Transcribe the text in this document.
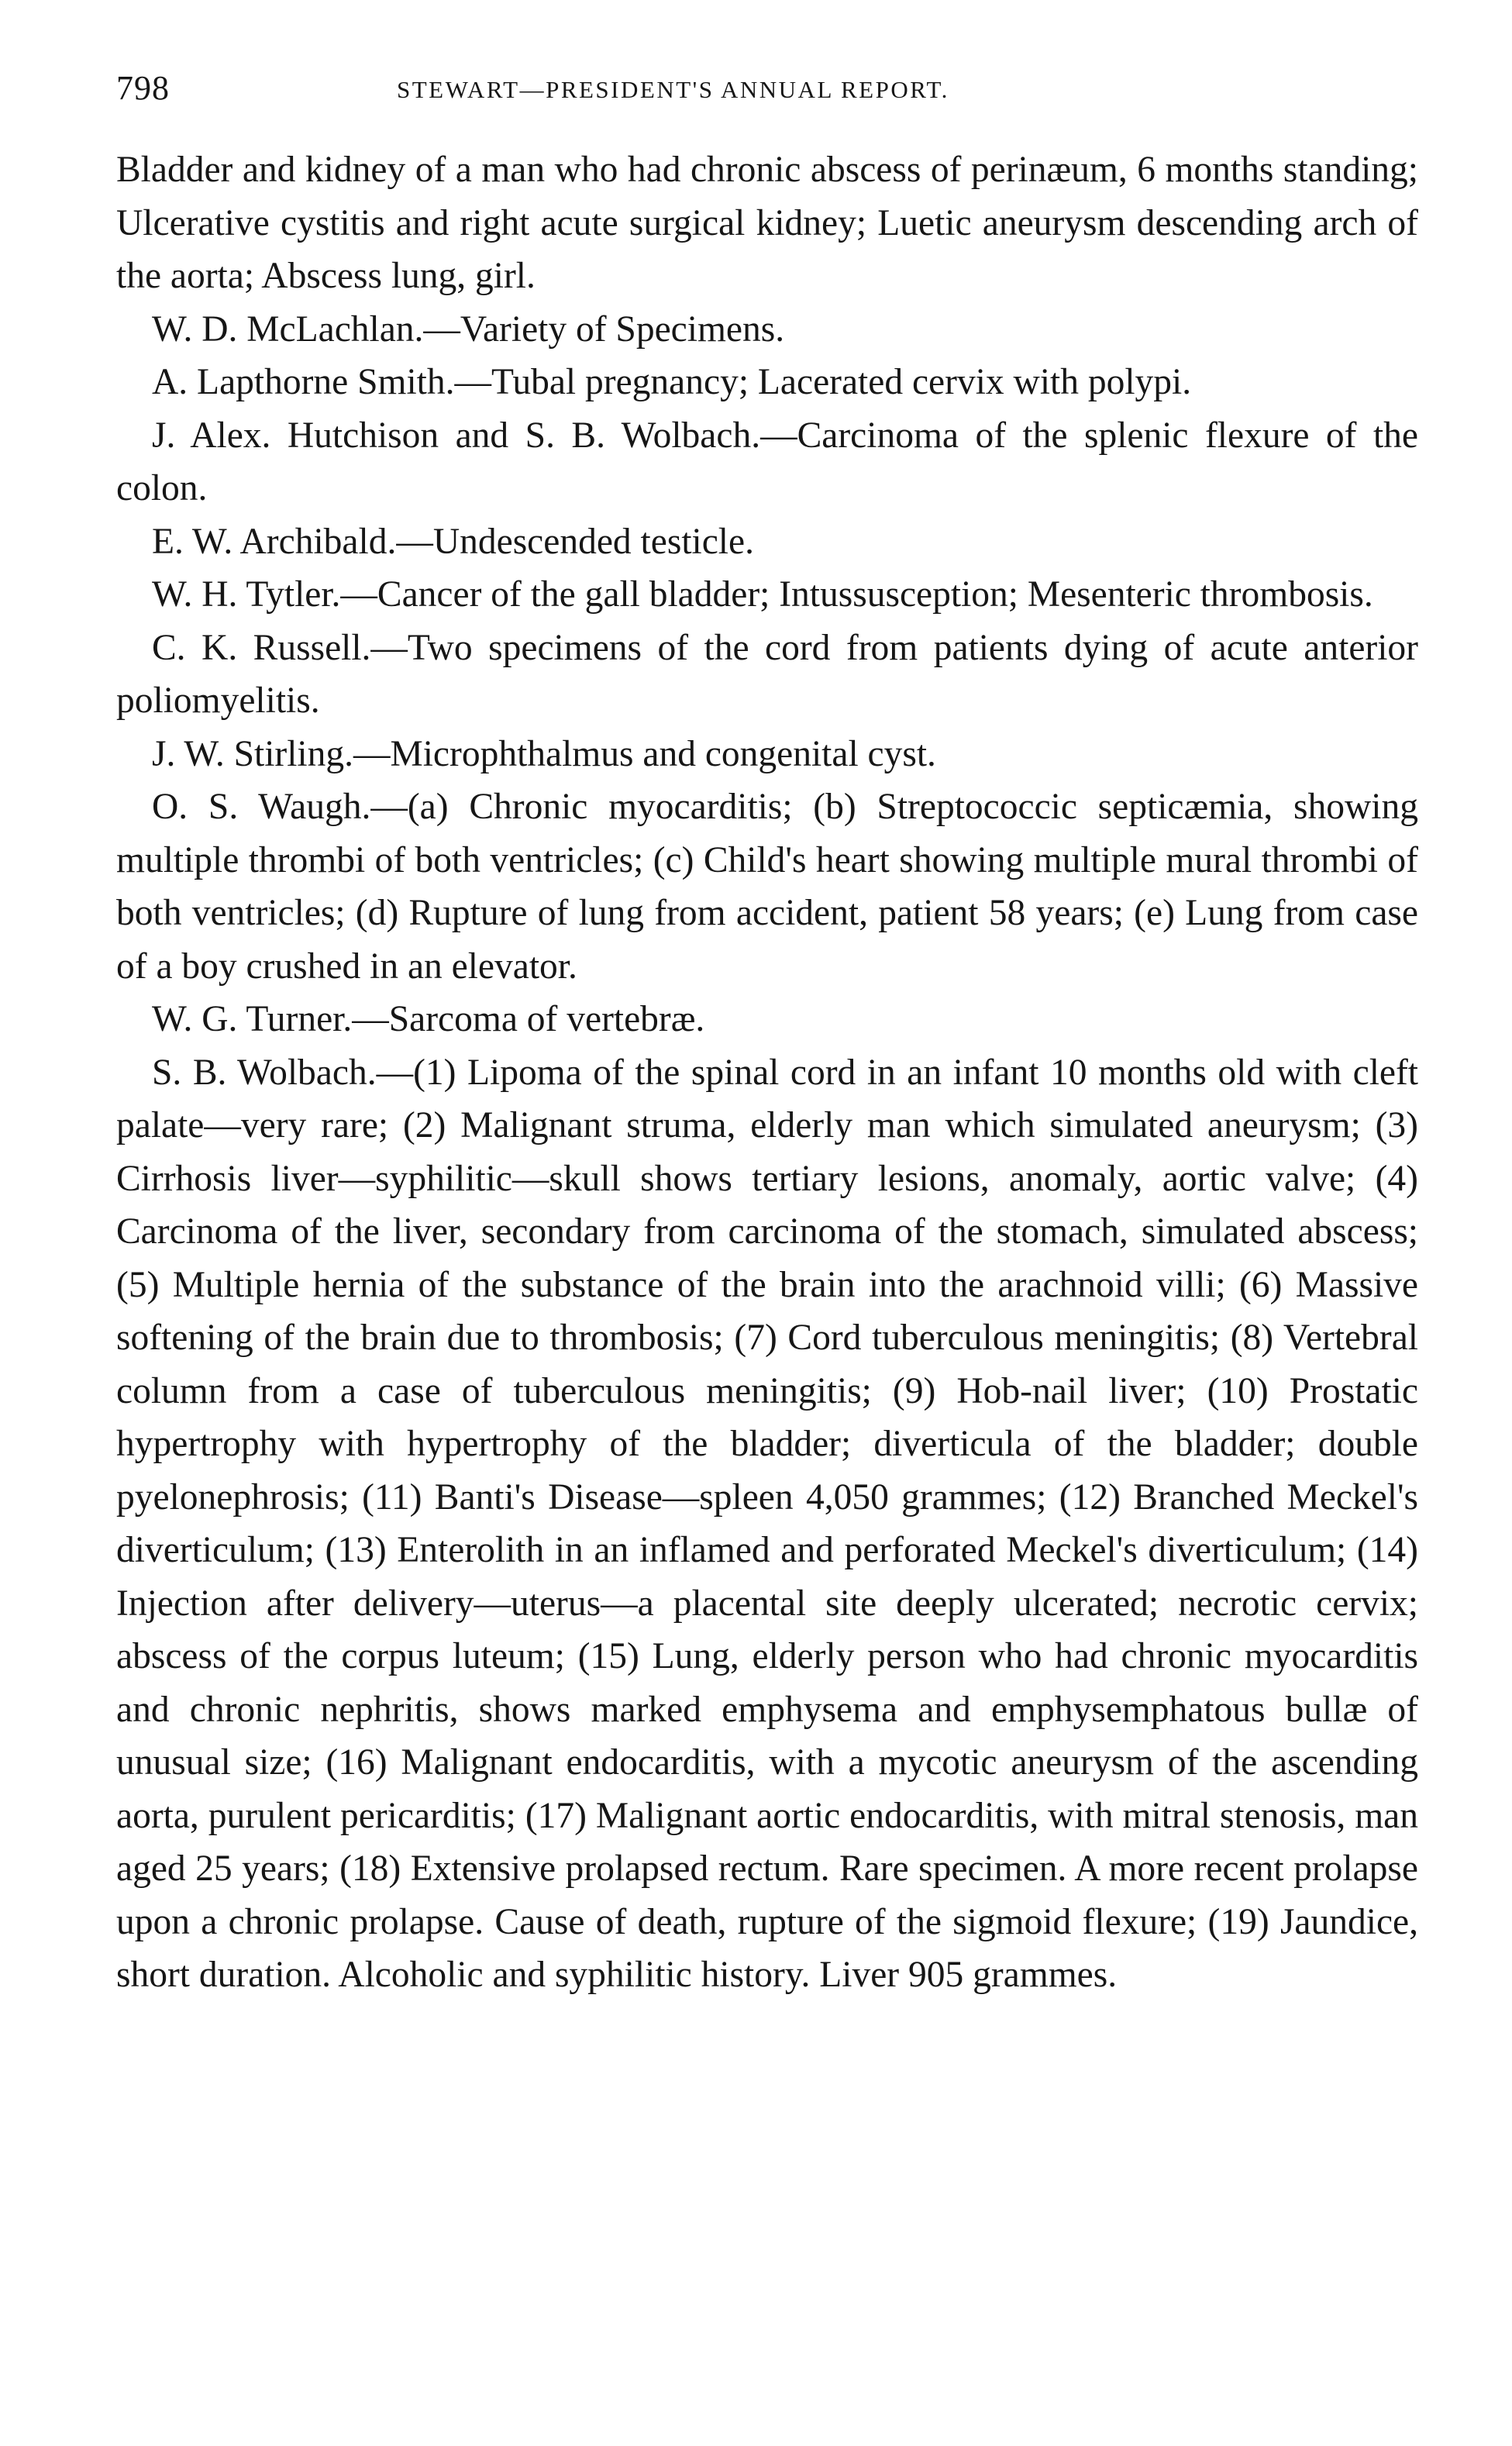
798	STEWART—PRESIDENT'S ANNUAL REPORT.

Bladder and kidney of a man who had chronic abscess of perinæum, 6 months standing; Ulcerative cystitis and right acute surgical kidney; Luetic aneurysm descending arch of the aorta; Abscess lung, girl.

W. D. McLachlan.—Variety of Specimens.

A. Lapthorne Smith.—Tubal pregnancy; Lacerated cervix with polypi.

J. Alex. Hutchison and S. B. Wolbach.—Carcinoma of the splenic flexure of the colon.

E. W. Archibald.—Undescended testicle.

W. H. Tytler.—Cancer of the gall bladder; Intussusception; Mesenteric thrombosis.

C. K. Russell.—Two specimens of the cord from patients dying of acute anterior poliomyelitis.

J. W. Stirling.—Microphthalmus and congenital cyst.

O. S. Waugh.—(a) Chronic myocarditis; (b) Streptococcic septicæmia, showing multiple thrombi of both ventricles; (c) Child's heart showing multiple mural thrombi of both ventricles; (d) Rupture of lung from accident, patient 58 years; (e) Lung from case of a boy crushed in an elevator.

W. G. Turner.—Sarcoma of vertebræ.

S. B. Wolbach.—(1) Lipoma of the spinal cord in an infant 10 months old with cleft palate—very rare; (2) Malignant struma, elderly man which simulated aneurysm; (3) Cirrhosis liver—syphilitic—skull shows tertiary lesions, anomaly, aortic valve; (4) Carcinoma of the liver, secondary from carcinoma of the stomach, simulated abscess; (5) Multiple hernia of the substance of the brain into the arachnoid villi; (6) Massive softening of the brain due to thrombosis; (7) Cord tuberculous meningitis; (8) Vertebral column from a case of tuberculous meningitis; (9) Hob-nail liver; (10) Prostatic hypertrophy with hypertrophy of the bladder; diverticula of the bladder; double pyelonephrosis; (11) Banti's Disease—spleen 4,050 grammes; (12) Branched Meckel's diverticulum; (13) Enterolith in an inflamed and perforated Meckel's diverticulum; (14) Injection after delivery—uterus—a placental site deeply ulcerated; necrotic cervix; abscess of the corpus luteum; (15) Lung, elderly person who had chronic myocarditis and chronic nephritis, shows marked emphysema and emphysemphatous bullæ of unusual size; (16) Malignant endocarditis, with a mycotic aneurysm of the ascending aorta, purulent pericarditis; (17) Malignant aortic endocarditis, with mitral stenosis, man aged 25 years; (18) Extensive prolapsed rectum. Rare specimen. A more recent prolapse upon a chronic prolapse. Cause of death, rupture of the sigmoid flexure; (19) Jaundice, short duration. Alcoholic and syphilitic history. Liver 905 grammes.
